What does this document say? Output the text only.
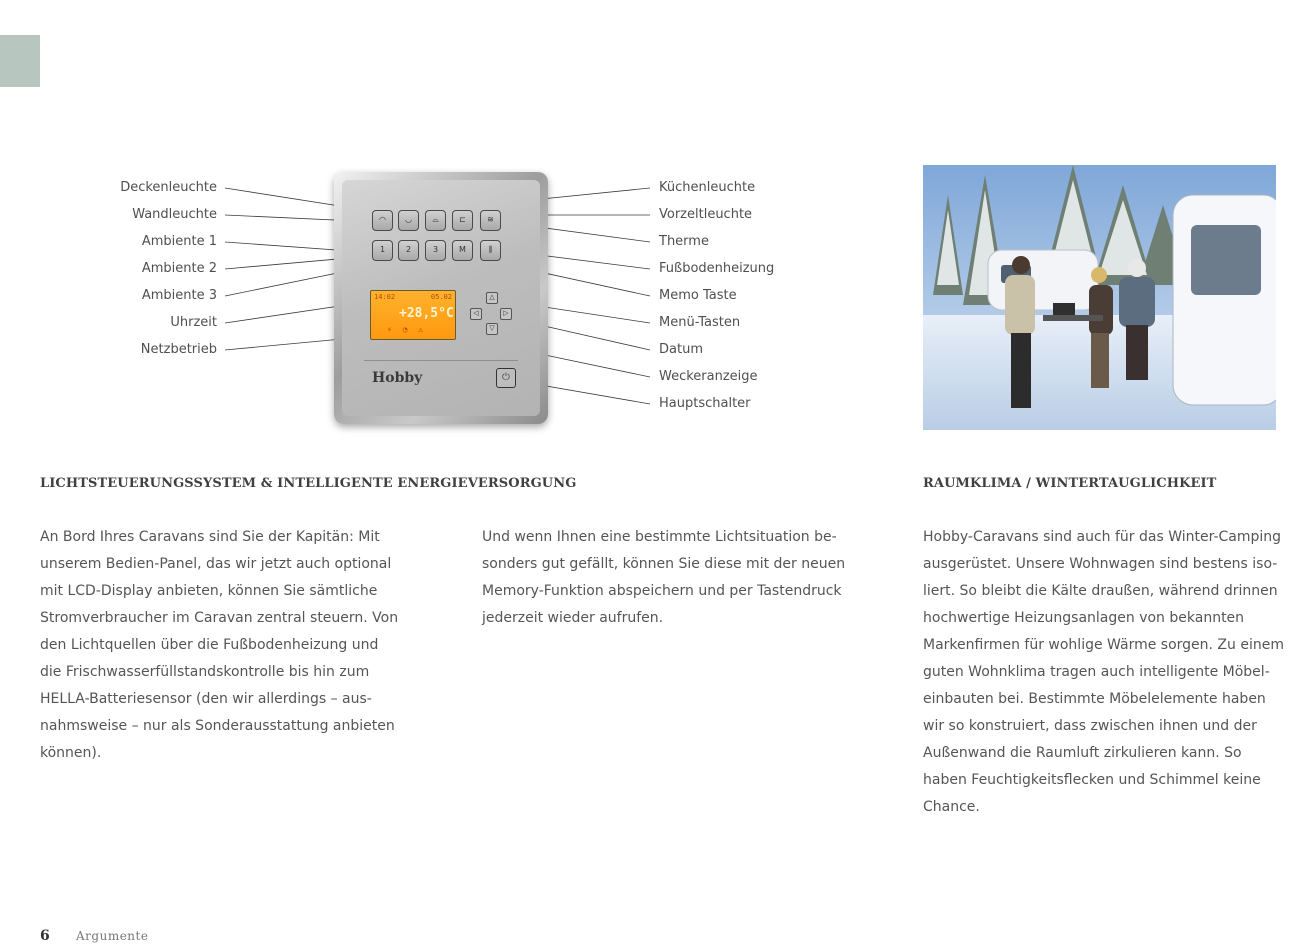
Deckenleuchte
Wandleuchte
Ambiente 1
Ambiente 2
Ambiente 3
Uhrzeit
Netzbetrieb
Küchenleuchte
Vorzeltleuchte
Therme
Fußbodenheizung
Memo Taste
Menü-Tasten
Datum
Weckeranzeige
Hauptschalter
◠	◡	⌓	⊏	≋
1	2	3	M	⫼
14:02	05.02
+28,5°C
⚡ ◔ ⚠
△
◁	▷
▽
Hobby	⏻
LICHTSTEUERUNGSSYSTEM & INTELLIGENTE ENERGIEVERSORGUNG
An Bord Ihres Caravans sind Sie der Kapitän: Mit
unserem Bedien-Panel, das wir jetzt auch optional
mit LCD-Display anbieten, können Sie sämtliche
Stromverbraucher im Caravan zentral steuern. Von
den Lichtquellen über die Fußbodenheizung und
die Frischwasserfüllstandskontrolle bis hin zum
HELLA-Batteriesensor (den wir allerdings – aus-
nahmsweise – nur als Sonderausstattung anbieten
können).
Und wenn Ihnen eine bestimmte Lichtsituation be-
sonders gut gefällt, können Sie diese mit der neuen
Memory-Funktion abspeichern und per Tastendruck
jederzeit wieder aufrufen.
RAUMKLIMA / WINTERTAUGLICHKEIT
Hobby-Caravans sind auch für das Winter-Camping
ausgerüstet. Unsere Wohnwagen sind bestens iso-
liert. So bleibt die Kälte draußen, während drinnen
hochwertige Heizungsanlagen von bekannten
Markenfirmen für wohlige Wärme sorgen. Zu einem
guten Wohnklima tragen auch intelligente Möbel-
einbauten bei. Bestimmte Möbelelemente haben
wir so konstruiert, dass zwischen ihnen und der
Außenwand die Raumluft zirkulieren kann. So
haben Feuchtigkeitsflecken und Schimmel keine
Chance.
6 Argumente
